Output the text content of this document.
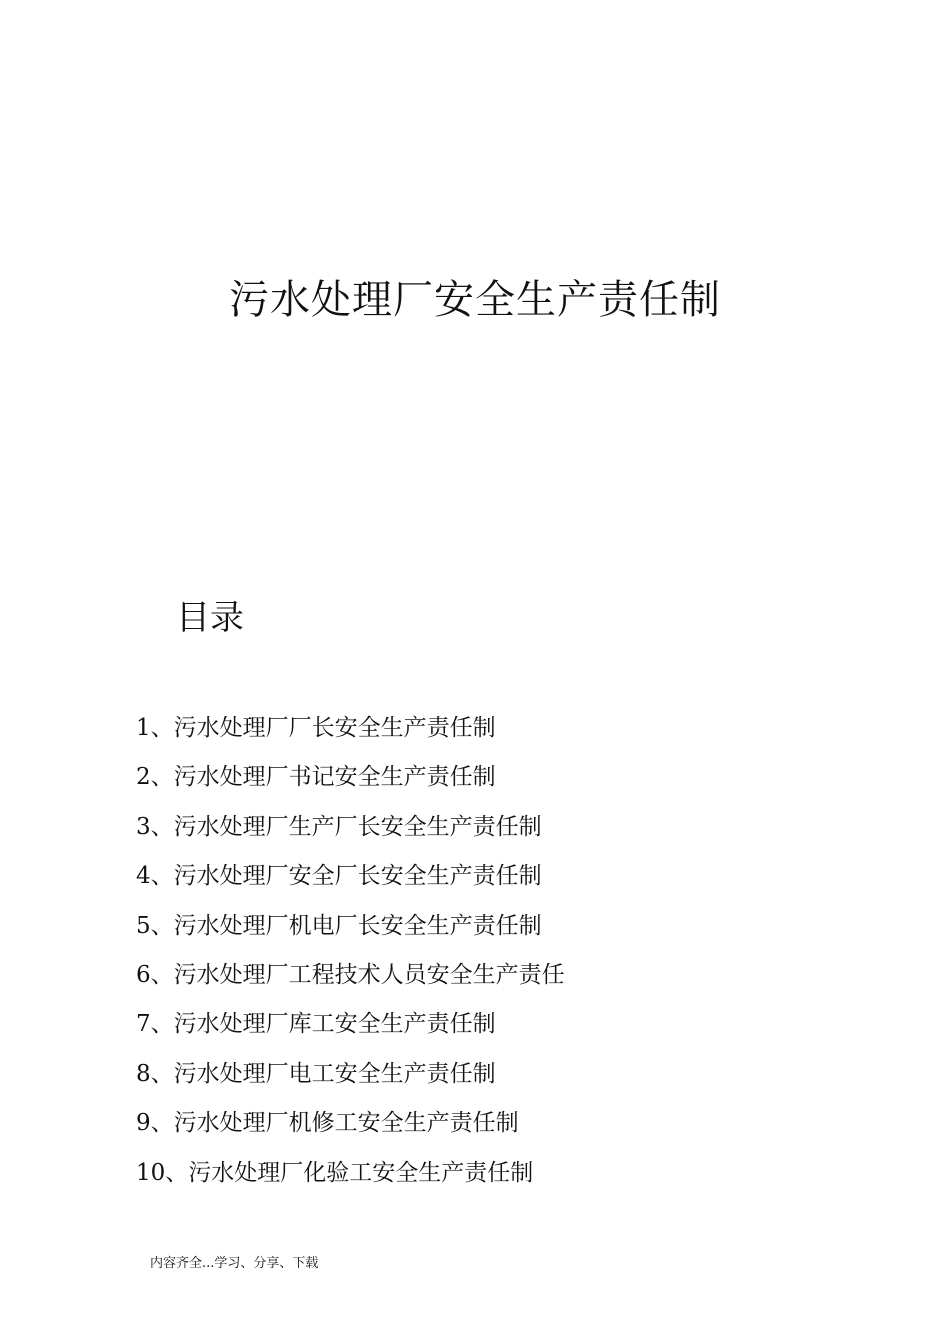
污水处理厂安全生产责任制
目录
1、污水处理厂厂长安全生产责任制
2、污水处理厂书记安全生产责任制
3、污水处理厂生产厂长安全生产责任制
4、污水处理厂安全厂长安全生产责任制
5、污水处理厂机电厂长安全生产责任制
6、污水处理厂工程技术人员安全生产责任
7、污水处理厂库工安全生产责任制
8、污水处理厂电工安全生产责任制
9、污水处理厂机修工安全生产责任制
10、污水处理厂化验工安全生产责任制
内容齐全...学习、分享、下载
